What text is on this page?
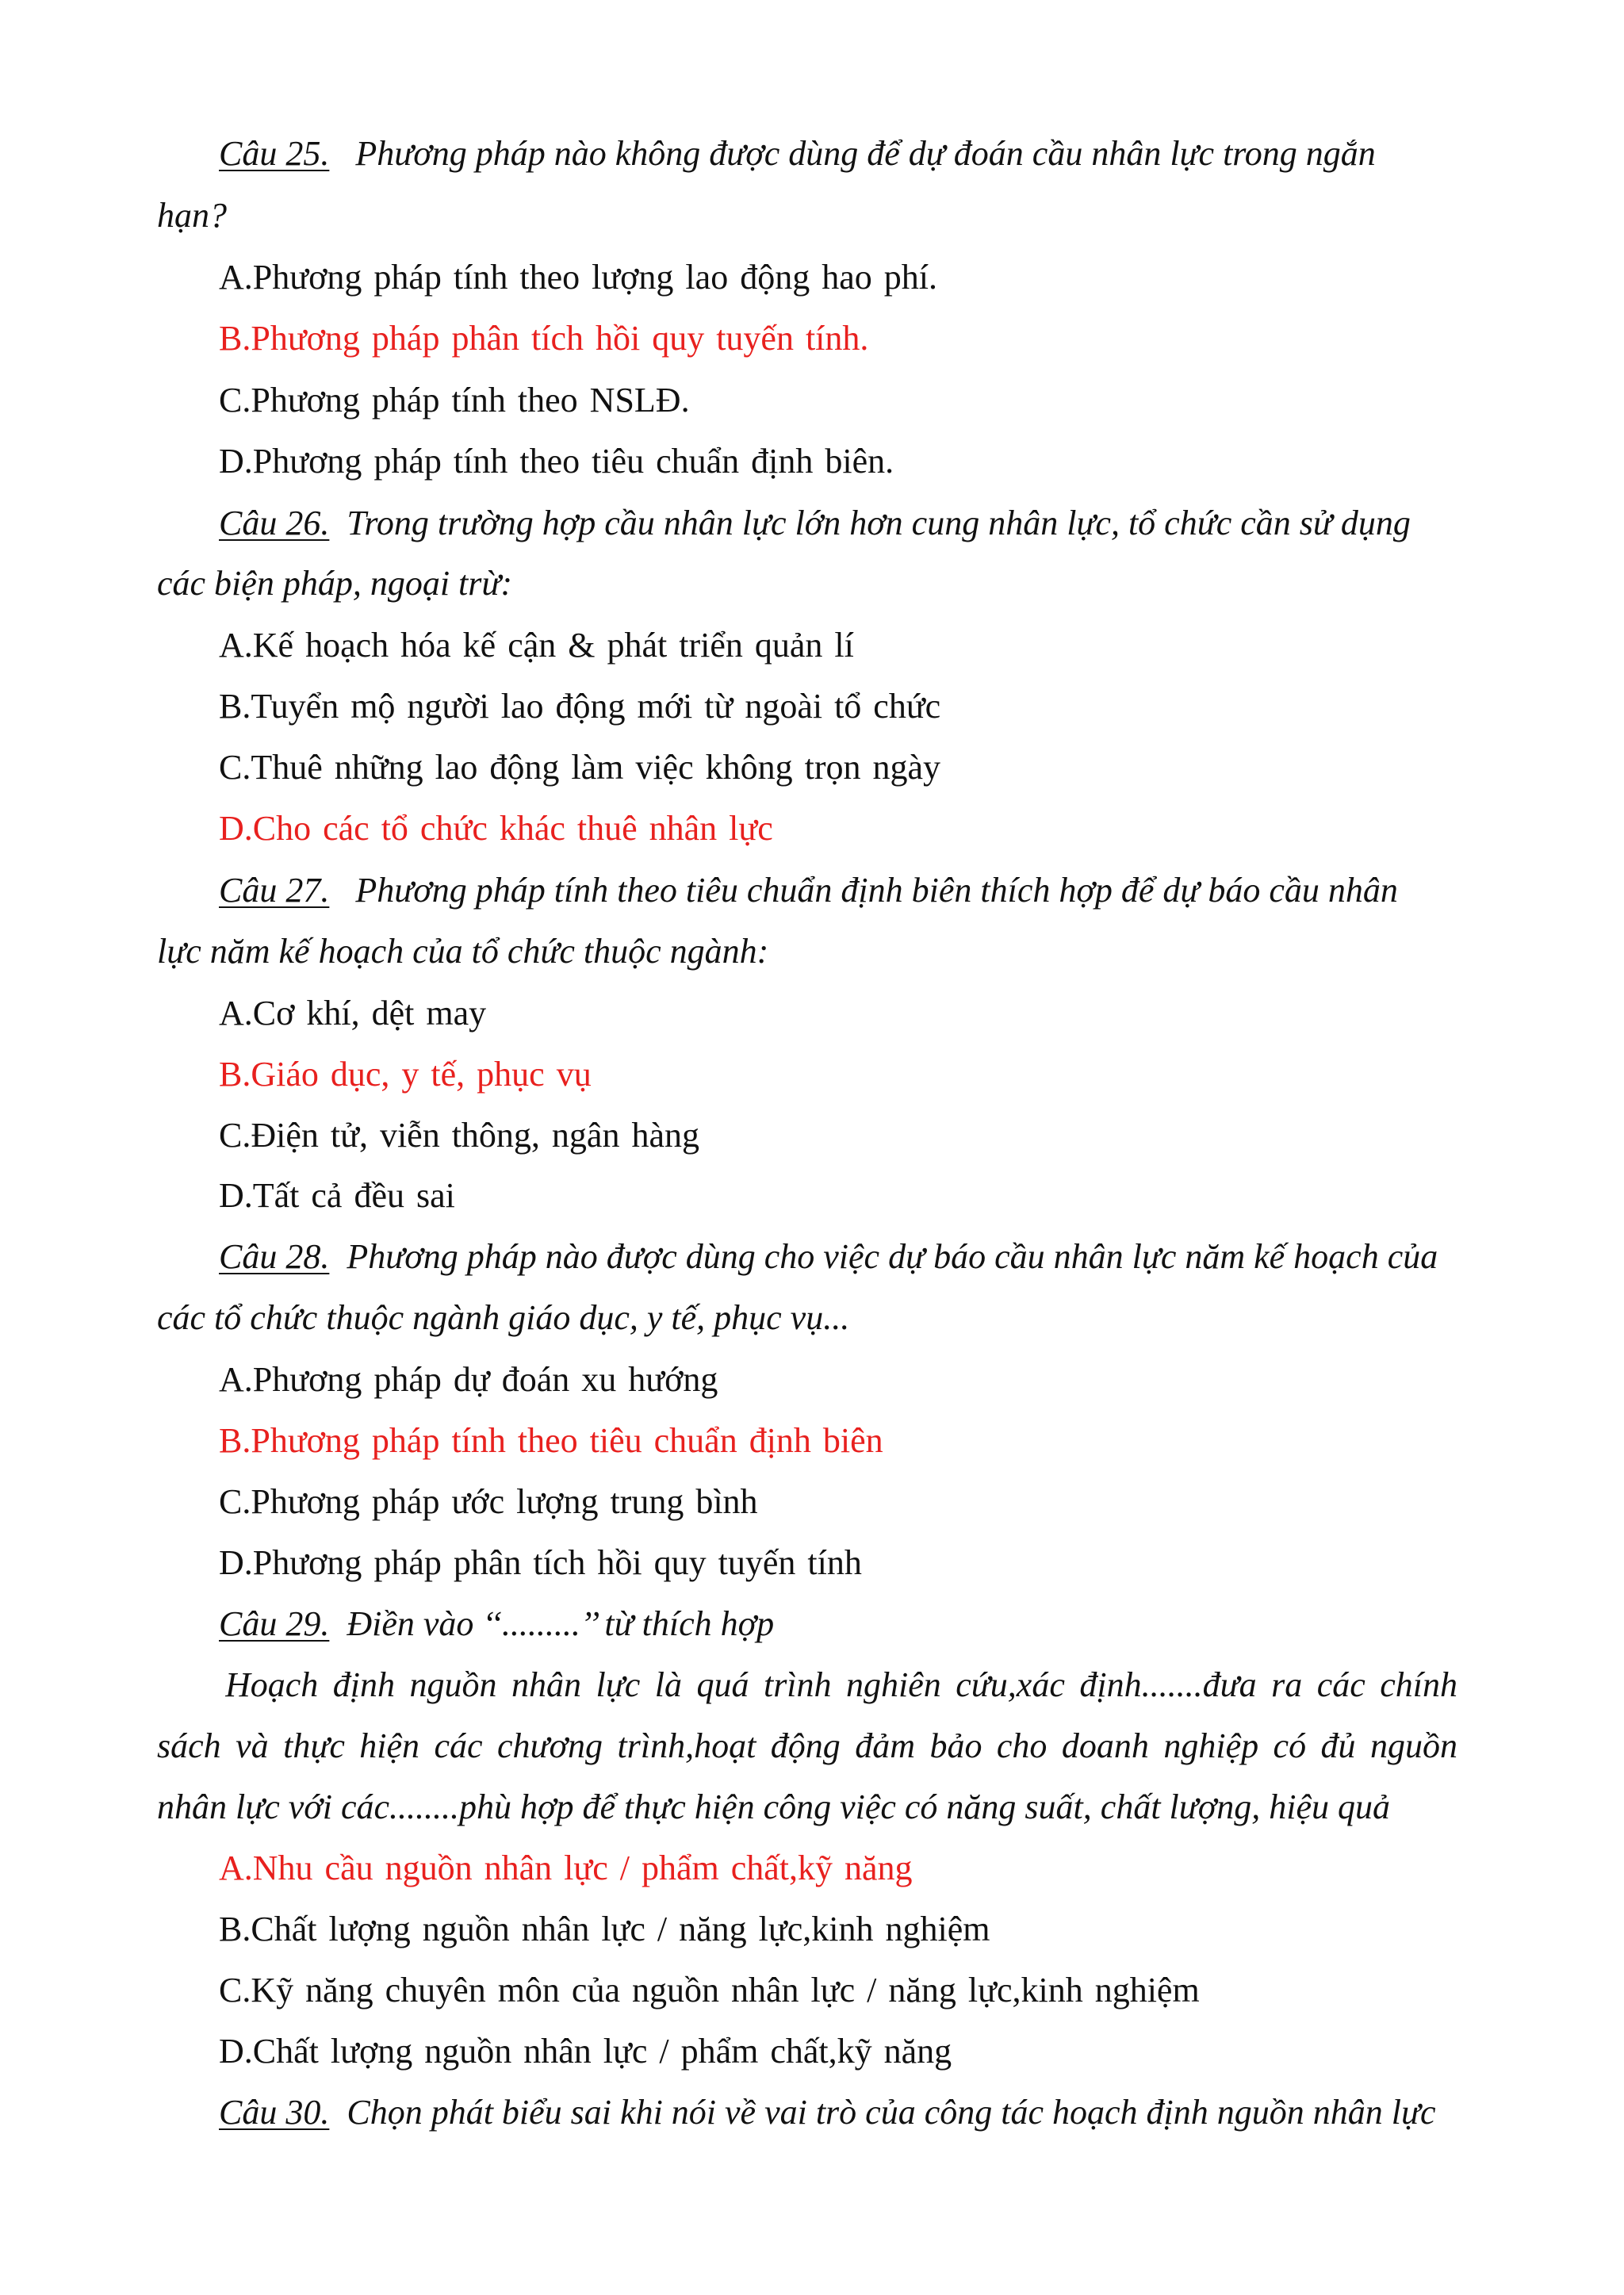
Câu 25. Phương pháp nào không được dùng để dự đoán cầu nhân lực trong ngắn
hạn?
A.Phương pháp tính theo lượng lao động hao phí.
B.Phương pháp phân tích hồi quy tuyến tính.
C.Phương pháp tính theo NSLĐ.
D.Phương pháp tính theo tiêu chuẩn định biên.
Câu 26. Trong trường hợp cầu nhân lực lớn hơn cung nhân lực, tổ chức cần sử dụng
các biện pháp, ngoại trừ:
A.Kế hoạch hóa kế cận & phát triển quản lí
B.Tuyển mộ người lao động mới từ ngoài tổ chức
C.Thuê những lao động làm việc không trọn ngày
D.Cho các tổ chức khác thuê nhân lực
Câu 27. Phương pháp tính theo tiêu chuẩn định biên thích hợp để dự báo cầu nhân
lực năm kế hoạch của tổ chức thuộc ngành:
A.Cơ khí, dệt may
B.Giáo dục, y tế, phục vụ
C.Điện tử, viễn thông, ngân hàng
D.Tất cả đều sai
Câu 28. Phương pháp nào được dùng cho việc dự báo cầu nhân lực năm kế hoạch của
các tổ chức thuộc ngành giáo dục, y tế, phục vụ...
A.Phương pháp dự đoán xu hướng
B.Phương pháp tính theo tiêu chuẩn định biên
C.Phương pháp ước lượng trung bình
D.Phương pháp phân tích hồi quy tuyến tính
Câu 29. Điền vào ‘‘.........’’ từ thích hợp
Hoạch định nguồn nhân lực là quá trình nghiên cứu,xác định.......đưa ra các chính
sách và thực hiện các chương trình,hoạt động đảm bảo cho doanh nghiệp có đủ nguồn
nhân lực với các........phù hợp để thực hiện công việc có năng suất, chất lượng, hiệu quả
A.Nhu cầu nguồn nhân lực / phẩm chất,kỹ năng
B.Chất lượng nguồn nhân lực / năng lực,kinh nghiệm
C.Kỹ năng chuyên môn của nguồn nhân lực / năng lực,kinh nghiệm
D.Chất lượng nguồn nhân lực / phẩm chất,kỹ năng
Câu 30. Chọn phát biểu sai khi nói về vai trò của công tác hoạch định nguồn nhân lực
